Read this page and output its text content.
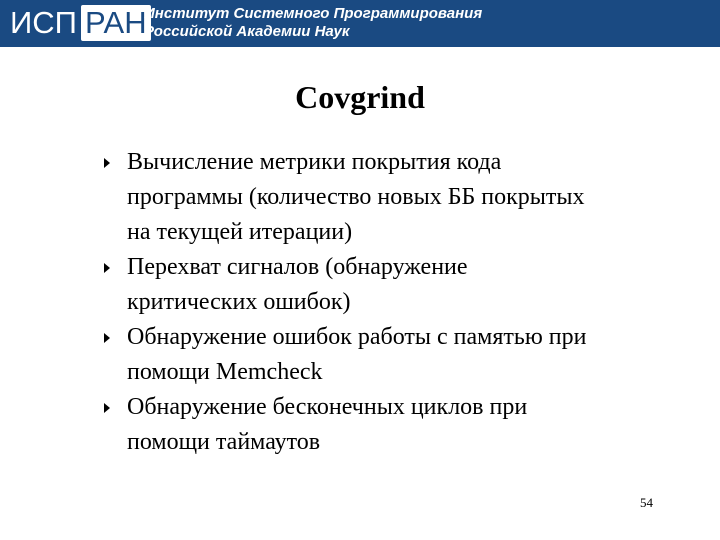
ИСП РАН
Институт Системного Программирования
Российской Академии Наук
Covgrind
Вычисление метрики покрытия кода
программы (количество новых ББ покрытых
на текущей итерации)
Перехват сигналов (обнаружение
критических ошибок)
Обнаружение ошибок работы с памятью при
помощи Memcheck
Обнаружение бесконечных циклов при
помощи таймаутов
54
